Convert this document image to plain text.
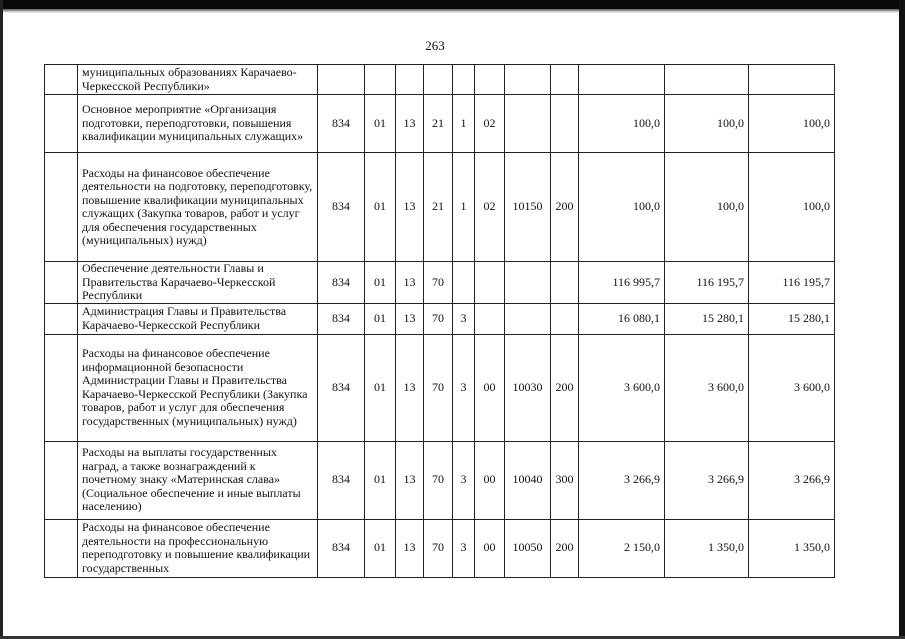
263
	муниципальных образованиях Карачаево-Черкесской Республики»											
	Основное мероприятие «Организация подготовки, переподготовки, повышения квалификации муниципальных служащих»	834	01	13	21	1	02			100,0	100,0	100,0
	Расходы на финансовое обеспечение деятельности на подготовку, переподготовку, повышение квалификации муниципальных служащих (Закупка товаров, работ и услуг для обеспечения государственных (муниципальных) нужд)	834	01	13	21	1	02	10150	200	100,0	100,0	100,0
	Обеспечение деятельности Главы и Правительства Карачаево-Черкесской Республики	834	01	13	70					116 995,7	116 195,7	116 195,7
	Администрация Главы и Правительства Карачаево-Черкесской Республики	834	01	13	70	3				16 080,1	15 280,1	15 280,1
	Расходы на финансовое обеспечение информационной безопасности Администрации Главы и Правительства Карачаево-Черкесской Республики (Закупка товаров, работ и услуг для обеспечения государственных (муниципальных) нужд)	834	01	13	70	3	00	10030	200	3 600,0	3 600,0	3 600,0
	Расходы на выплаты государственных наград, а также вознаграждений к почетному знаку «Материнская слава» (Социальное обеспечение и иные выплаты населению)	834	01	13	70	3	00	10040	300	3 266,9	3 266,9	3 266,9
	Расходы на финансовое обеспечение деятельности на профессиональную переподготовку и повышение квалификации государственных	834	01	13	70	3	00	10050	200	2 150,0	1 350,0	1 350,0
